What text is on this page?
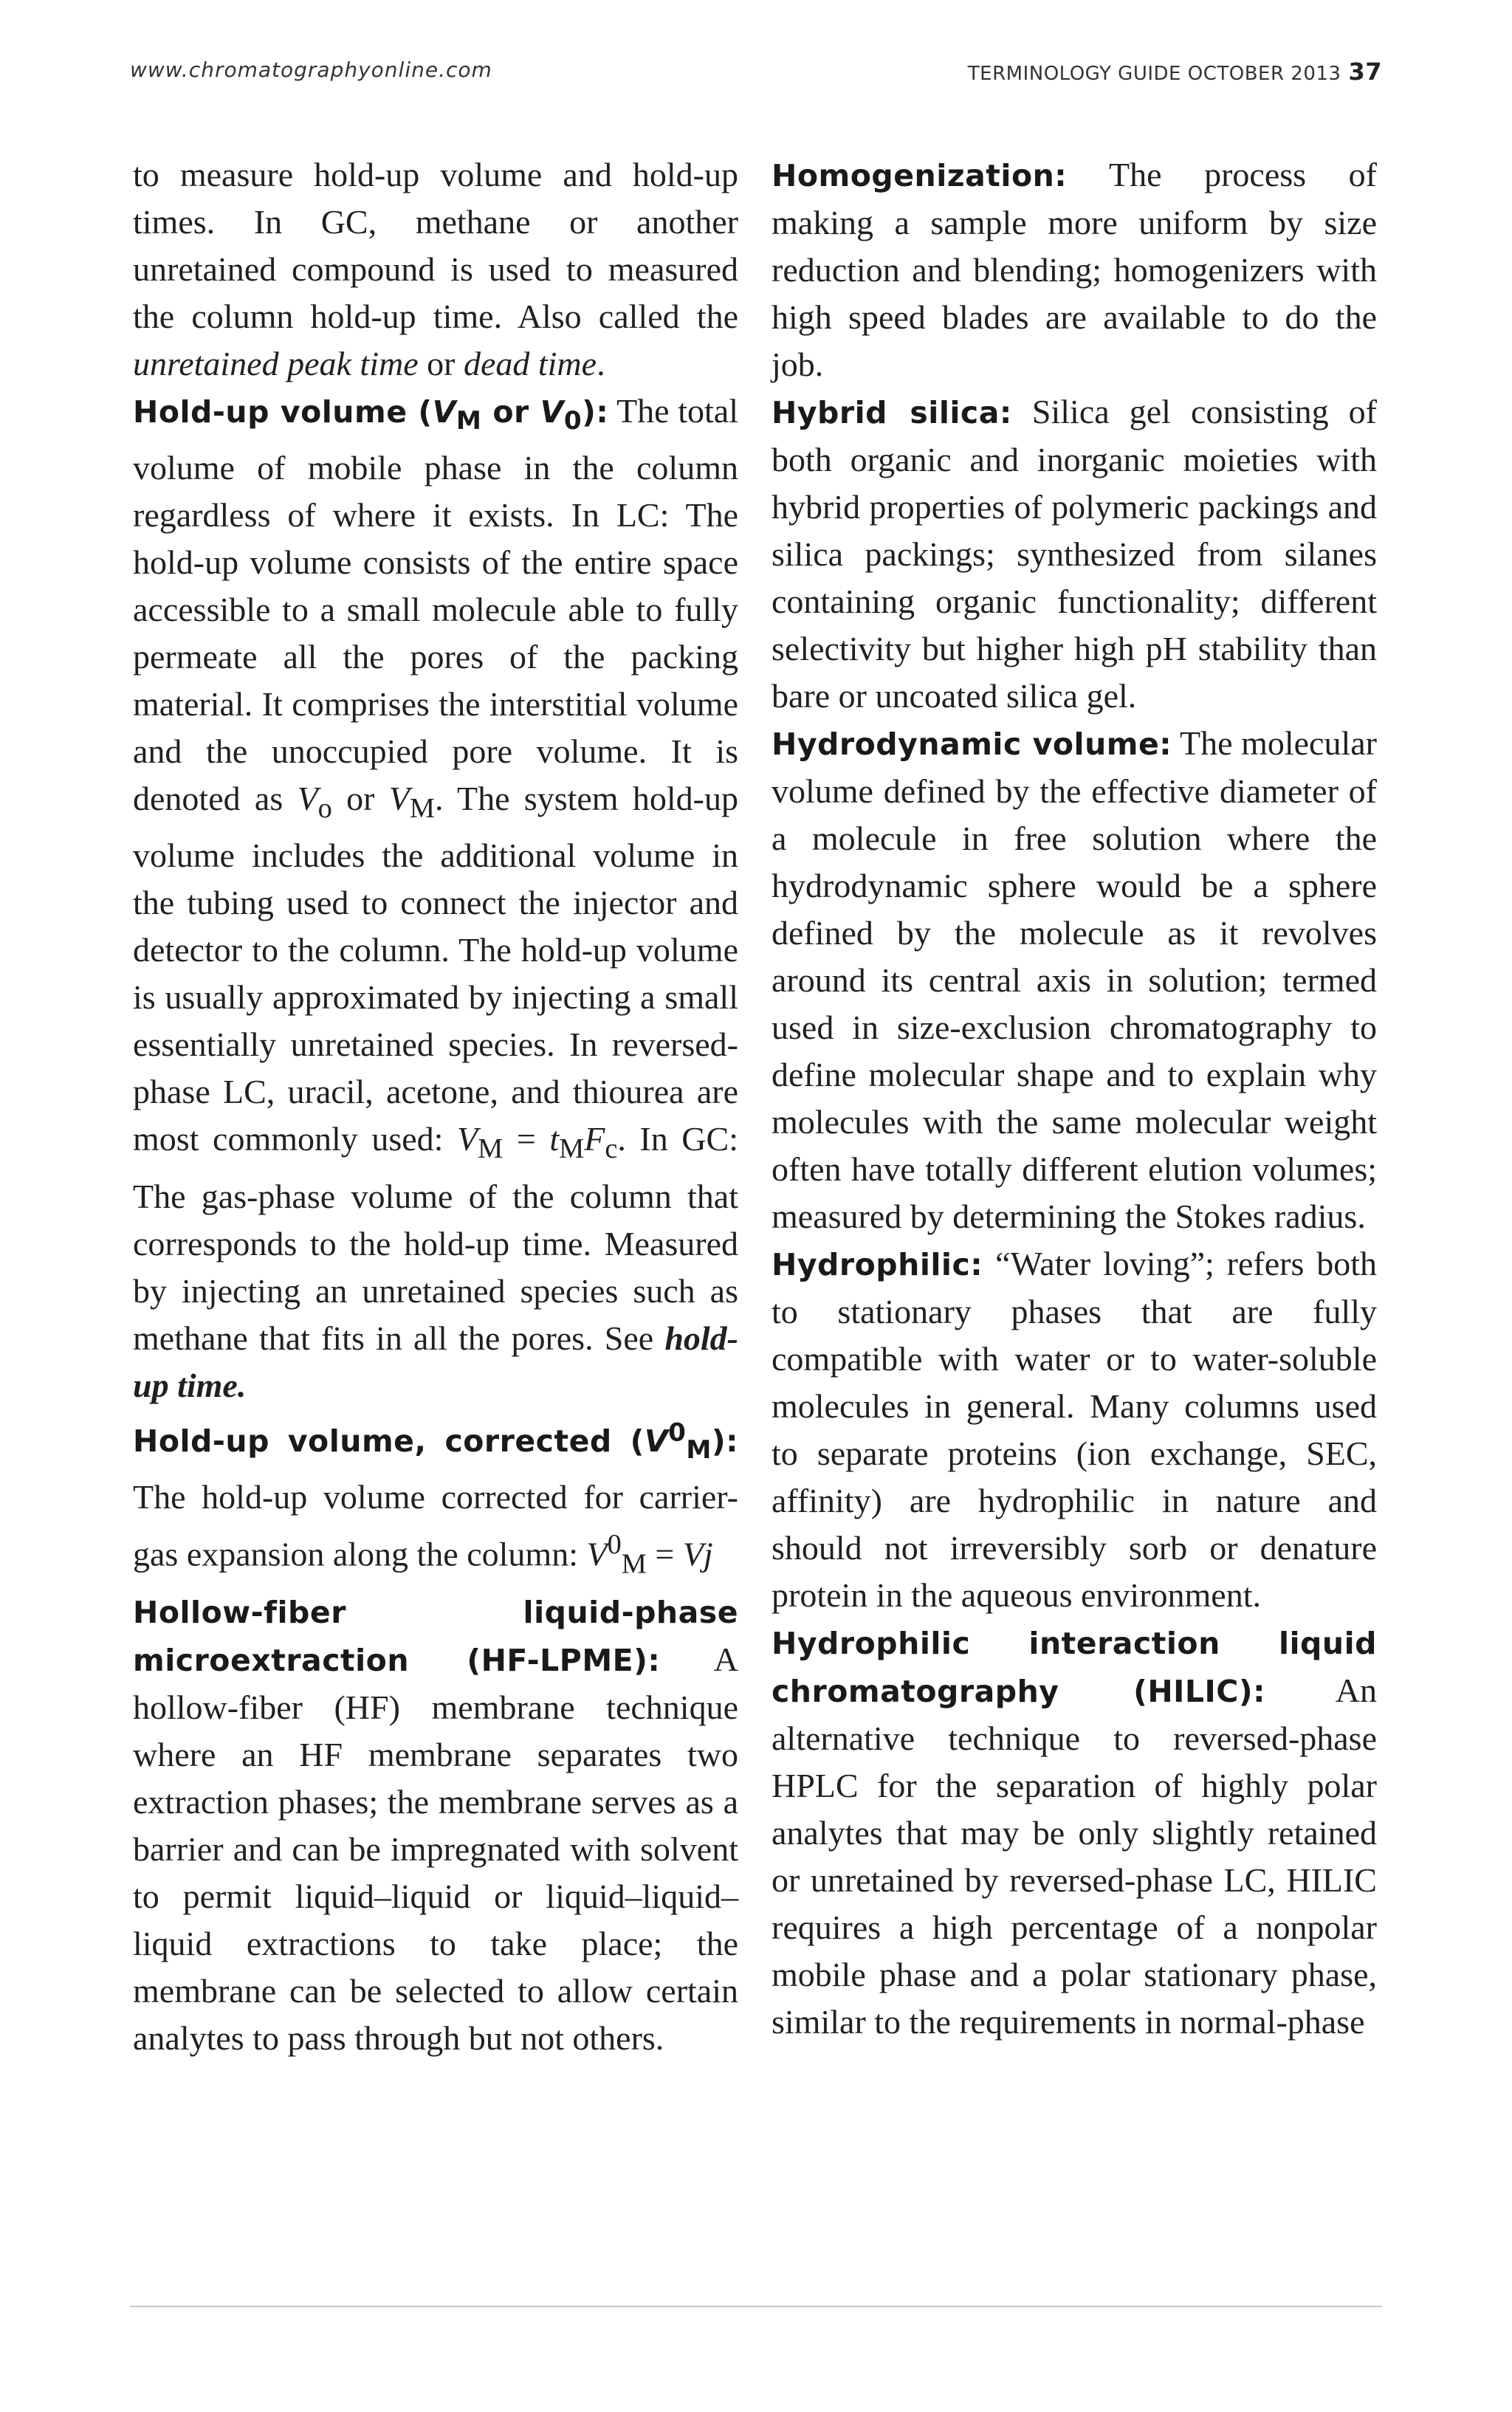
www.chromatographyonline.com	TERMINOLOGY GUIDE OCTOBER 2013 37

to measure hold-up volume and hold-up times. In GC, methane or another unretained compound is used to measured the column hold-up time. Also called the unretained peak time or dead time.

Hold-up volume ($V_M$ or $V_0$): The total volume of mobile phase in the column regardless of where it exists. In LC: The hold-up volume consists of the entire space accessible to a small molecule able to fully permeate all the pores of the packing material. It comprises the interstitial volume and the unoccupied pore volume. It is denoted as $V_o$ or $V_M$. The system hold-up volume includes the additional volume in the tubing used to connect the injector and detector to the column. The hold-up volume is usually approximated by injecting a small essentially unretained species. In reversed-phase LC, uracil, acetone, and thiourea are most commonly used: $V_M = t_MF_c$. In GC: The gas-phase volume of the column that corresponds to the hold-up time. Measured by injecting an unretained species such as methane that fits in all the pores. See hold-up time.

Hold-up volume, corrected $(V^0_M)$: The hold-up volume corrected for carrier-gas expansion along the column: $V^0_M = Vj$

Hollow-fiber liquid-phase microextraction (HF-LPME): A hollow-fiber (HF) membrane technique where an HF membrane separates two extraction phases; the membrane serves as a barrier and can be impregnated with solvent to permit liquid–liquid or liquid–liquid–liquid extractions to take place; the membrane can be selected to allow certain analytes to pass through but not others.

Homogenization: The process of making a sample more uniform by size reduction and blending; homogenizers with high speed blades are available to do the job.

Hybrid silica: Silica gel consisting of both organic and inorganic moieties with hybrid properties of polymeric packings and silica packings; synthesized from silanes containing organic functionality; different selectivity but higher high pH stability than bare or uncoated silica gel.

Hydrodynamic volume: The molecular volume defined by the effective diameter of a molecule in free solution where the hydrodynamic sphere would be a sphere defined by the molecule as it revolves around its central axis in solution; termed used in size-exclusion chromatography to define molecular shape and to explain why molecules with the same molecular weight often have totally different elution volumes; measured by determining the Stokes radius.

Hydrophilic: “Water loving”; refers both to stationary phases that are fully compatible with water or to water-soluble molecules in general. Many columns used to separate proteins (ion exchange, SEC, affinity) are hydrophilic in nature and should not irreversibly sorb or denature protein in the aqueous environment.

Hydrophilic interaction liquid chromatography (HILIC): An alternative technique to reversed-phase HPLC for the separation of highly polar analytes that may be only slightly retained or unretained by reversed-phase LC, HILIC requires a high percentage of a nonpolar mobile phase and a polar stationary phase, similar to the requirements in normal-phase
